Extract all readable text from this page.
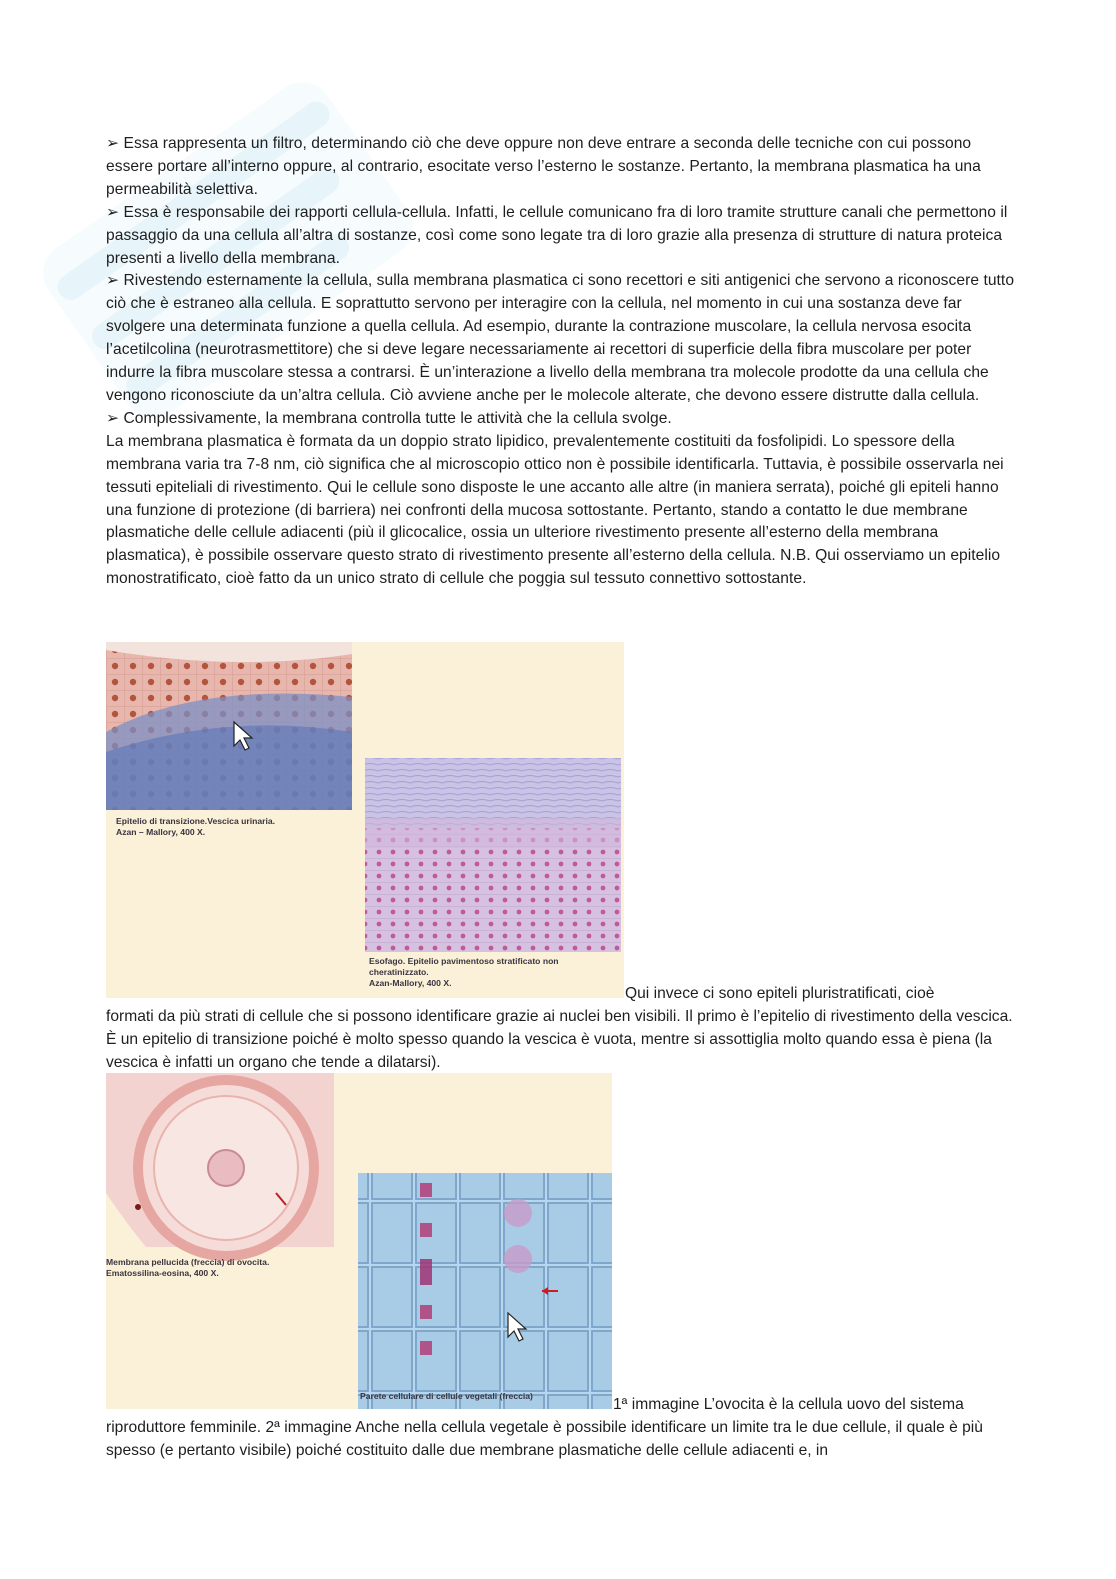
➢ Essa rappresenta un filtro, determinando ciò che deve oppure non deve entrare a seconda delle tecniche con cui possono essere portare all’interno oppure, al contrario, esocitate verso l’esterno le sostanze. Pertanto, la membrana plasmatica ha una permeabilità selettiva.

➢ Essa è responsabile dei rapporti cellula-cellula. Infatti, le cellule comunicano fra di loro tramite strutture canali che permettono il passaggio da una cellula all’altra di sostanze, così come sono legate tra di loro grazie alla presenza di strutture di natura proteica presenti a livello della membrana.

➢ Rivestendo esternamente la cellula, sulla membrana plasmatica ci sono recettori e siti antigenici che servono a riconoscere tutto ciò che è estraneo alla cellula. E soprattutto servono per interagire con la cellula, nel momento in cui una sostanza deve far svolgere una determinata funzione a quella cellula. Ad esempio, durante la contrazione muscolare, la cellula nervosa esocita l’acetilcolina (neurotrasmettitore) che si deve legare necessariamente ai recettori di superficie della fibra muscolare per poter indurre la fibra muscolare stessa a contrarsi. È un’interazione a livello della membrana tra molecole prodotte da una cellula che vengono riconosciute da un’altra cellula. Ciò avviene anche per le molecole alterate, che devono essere distrutte dalla cellula.

➢ Complessivamente, la membrana controlla tutte le attività che la cellula svolge.

La membrana plasmatica è formata da un doppio strato lipidico, prevalentemente costituiti da fosfolipidi. Lo spessore della membrana varia tra 7-8 nm, ciò significa che al microscopio ottico non è possibile identificarla. Tuttavia, è possibile osservarla nei tessuti epiteliali di rivestimento. Qui le cellule sono disposte le une accanto alle altre (in maniera serrata), poiché gli epiteli hanno una funzione di protezione (di barriera) nei confronti della mucosa sottostante. Pertanto, stando a contatto le due membrane plasmatiche delle cellule adiacenti (più il glicocalice, ossia un ulteriore rivestimento presente all’esterno della membrana plasmatica), è possibile osservare questo strato di rivestimento presente all’esterno della cellula. N.B. Qui osserviamo un epitelio monostratificato, cioè fatto da un unico strato di cellule che poggia sul tessuto connettivo sottostante.

Epitelio di transizione.Vescica urinaria.
Azan – Mallory, 400 X.
Esofago. Epitelio pavimentoso stratificato non
cheratinizzato.
Azan-Mallory, 400 X.
Qui invece ci sono epiteli pluristratificati, cioè
formati da più strati di cellule che si possono identificare grazie ai nuclei ben visibili. Il primo è l’epitelio di rivestimento della vescica. È un epitelio di transizione poiché è molto spesso quando la vescica è vuota, mentre si assottiglia molto quando essa è piena (la vescica è infatti un organo che tende a dilatarsi).
Membrana pellucida (freccia) di ovocita.
Ematossilina-eosina, 400 X.
Parete cellulare di cellule vegetali (freccia)	1ª immagine L’ovocita è la cellula uovo del sistema
riproduttore femminile. 2ª immagine Anche nella cellula vegetale è possibile identificare un limite tra le due cellule, il quale è più spesso (e pertanto visibile) poiché costituito dalle due membrane plasmatiche delle cellule adiacenti e, in
